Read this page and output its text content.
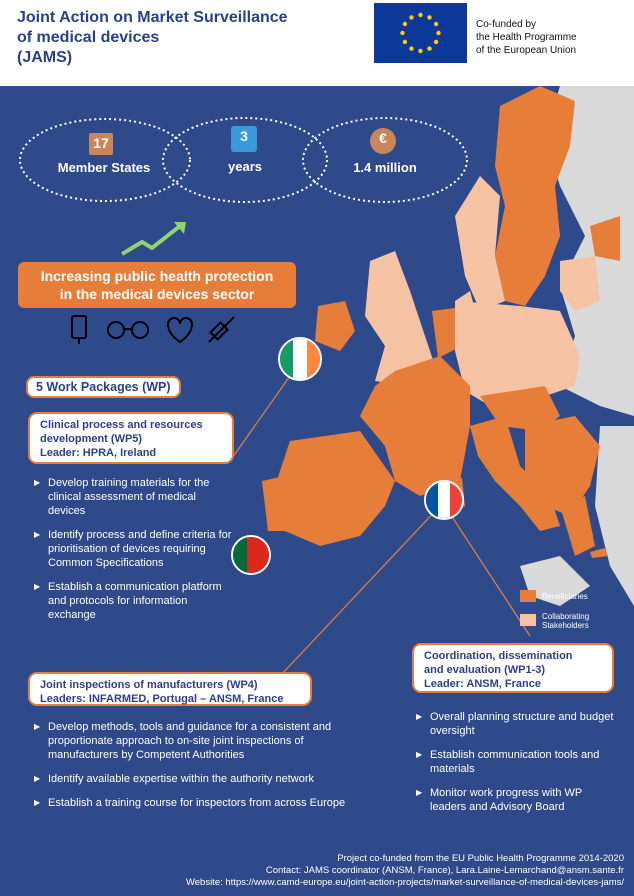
Joint Action on Market Surveillance
of medical devices
(JAMS)
Co-funded by
the Health Programme
of the European Union
17
Member States
3
years
€
1.4 million
Increasing public health protection
in the medical devices sector
5 Work Packages (WP)
Clinical process and resources
development (WP5)
Leader: HPRA, Ireland
▶ Develop training materials for the clinical assessment of medical devices
▶ Identify process and define criteria for prioritisation of devices requiring Common Specifications
▶ Establish a communication platform and protocols for information exchange
Joint inspections of manufacturers (WP4)
Leaders: INFARMED, Portugal – ANSM, France
▶ Develop methods, tools and guidance for a consistent and proportionate approach to on-site joint inspections of manufacturers by Competent Authorities
▶ Identify available expertise within the authority network
▶ Establish a training course for inspectors from across Europe
Coordination, dissemination
and evaluation (WP1-3)
Leader: ANSM, France
▶ Overall planning structure and budget oversight
▶ Establish communication tools and materials
▶ Monitor work progress with WP leaders and Advisory Board
Beneficiaries
Collaborating Stakeholders
Project co-funded from the EU Public Health Programme 2014-2020
Contact: JAMS coordinator (ANSM, France), Lara.Laine-Lemarchand@ansm.sante.fr
Website: https://www.camd-europe.eu/joint-action-projects/market-surveillance-of-medical-devices-jams/
